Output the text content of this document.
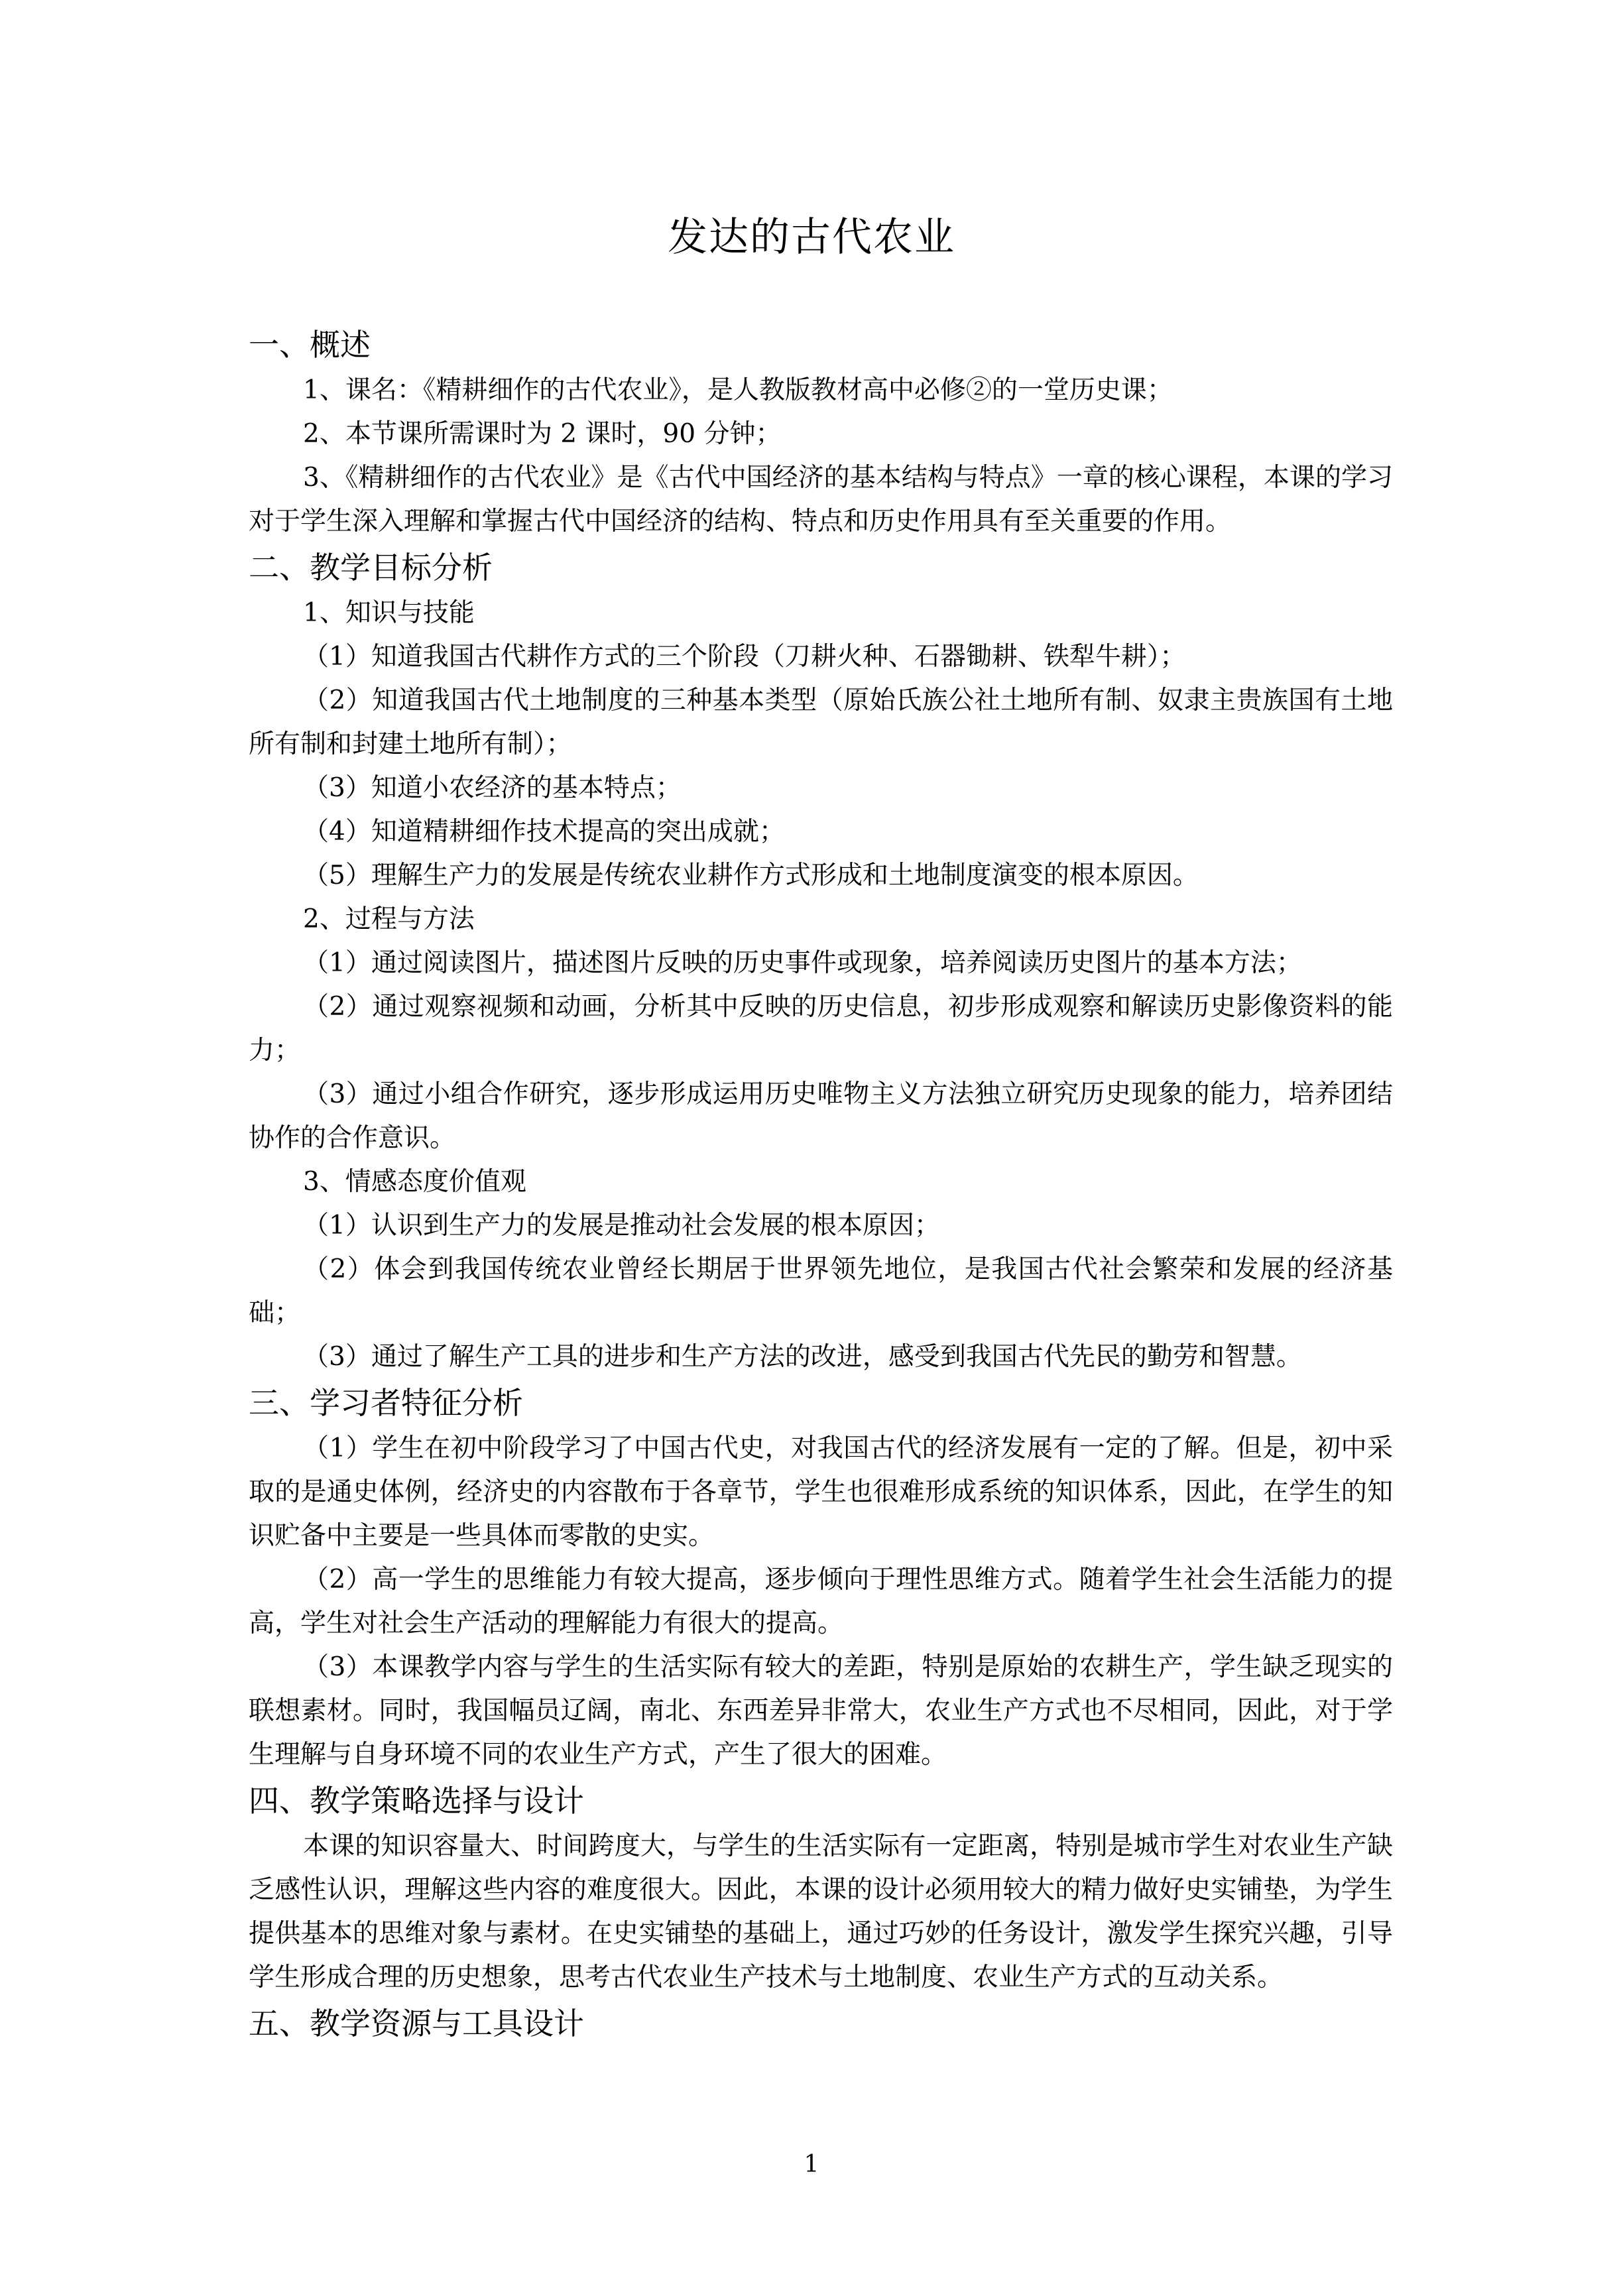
发达的古代农业

一、概述

1、课名：《精耕细作的古代农业》，是人教版教材高中必修②的一堂历史课；

2、本节课所需课时为 2 课时，90 分钟；

3、《精耕细作的古代农业》是《古代中国经济的基本结构与特点》一章的核心课程，本课的学习对于学生深入理解和掌握古代中国经济的结构、特点和历史作用具有至关重要的作用。

二、教学目标分析

1、知识与技能

（1）知道我国古代耕作方式的三个阶段（刀耕火种、石器锄耕、铁犁牛耕）；

（2）知道我国古代土地制度的三种基本类型（原始氏族公社土地所有制、奴隶主贵族国有土地所有制和封建土地所有制）；

（3）知道小农经济的基本特点；

（4）知道精耕细作技术提高的突出成就；

（5）理解生产力的发展是传统农业耕作方式形成和土地制度演变的根本原因。

2、过程与方法

（1）通过阅读图片，描述图片反映的历史事件或现象，培养阅读历史图片的基本方法；

（2）通过观察视频和动画，分析其中反映的历史信息，初步形成观察和解读历史影像资料的能力；

（3）通过小组合作研究，逐步形成运用历史唯物主义方法独立研究历史现象的能力，培养团结协作的合作意识。

3、情感态度价值观

（1）认识到生产力的发展是推动社会发展的根本原因；

（2）体会到我国传统农业曾经长期居于世界领先地位，是我国古代社会繁荣和发展的经济基础；

（3）通过了解生产工具的进步和生产方法的改进，感受到我国古代先民的勤劳和智慧。

三、学习者特征分析

（1）学生在初中阶段学习了中国古代史，对我国古代的经济发展有一定的了解。但是，初中采取的是通史体例，经济史的内容散布于各章节，学生也很难形成系统的知识体系，因此，在学生的知识贮备中主要是一些具体而零散的史实。

（2）高一学生的思维能力有较大提高，逐步倾向于理性思维方式。随着学生社会生活能力的提高，学生对社会生产活动的理解能力有很大的提高。

（3）本课教学内容与学生的生活实际有较大的差距，特别是原始的农耕生产，学生缺乏现实的联想素材。同时，我国幅员辽阔，南北、东西差异非常大，农业生产方式也不尽相同，因此，对于学生理解与自身环境不同的农业生产方式，产生了很大的困难。

四、教学策略选择与设计

本课的知识容量大、时间跨度大，与学生的生活实际有一定距离，特别是城市学生对农业生产缺乏感性认识，理解这些内容的难度很大。因此，本课的设计必须用较大的精力做好史实铺垫，为学生提供基本的思维对象与素材。在史实铺垫的基础上，通过巧妙的任务设计，激发学生探究兴趣，引导学生形成合理的历史想象，思考古代农业生产技术与土地制度、农业生产方式的互动关系。

五、教学资源与工具设计

1
